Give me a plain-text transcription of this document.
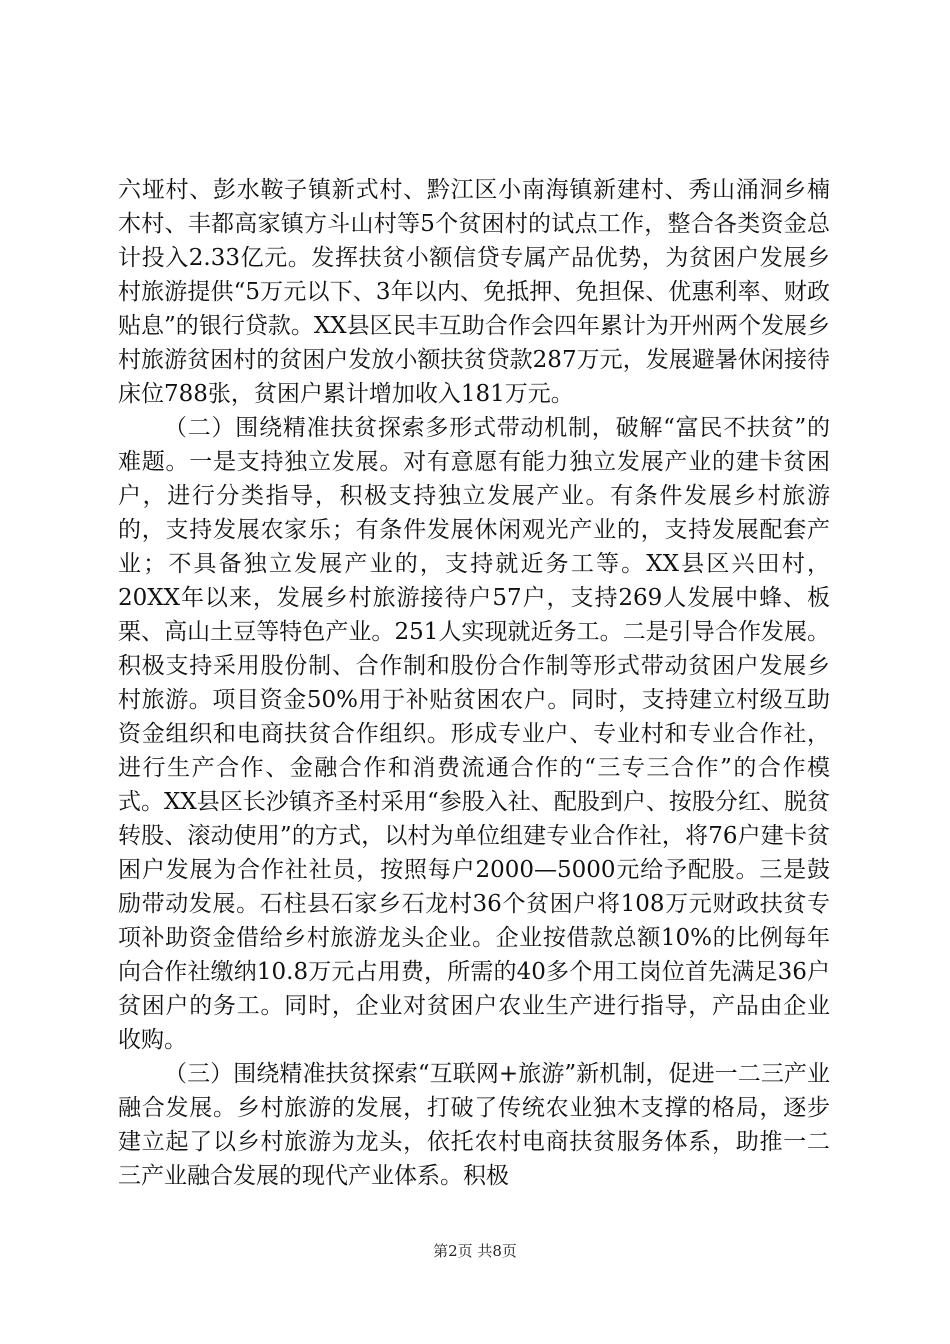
六垭村、彭水鞍子镇新式村、黔江区小南海镇新建村、秀山涌洞乡楠木村、丰都高家镇方斗山村等5个贫困村的试点工作，整合各类资金总计投入2.33亿元。发挥扶贫小额信贷专属产品优势，为贫困户发展乡村旅游提供“5万元以下、3年以内、免抵押、免担保、优惠利率、财政贴息”的银行贷款。XX县区民丰互助合作会四年累计为开州两个发展乡村旅游贫困村的贫困户发放小额扶贫贷款287万元，发展避暑休闲接待床位788张，贫困户累计增加收入181万元。

（二）围绕精准扶贫探索多形式带动机制，破解“富民不扶贫”的难题。一是支持独立发展。对有意愿有能力独立发展产业的建卡贫困户，进行分类指导，积极支持独立发展产业。有条件发展乡村旅游的，支持发展农家乐；有条件发展休闲观光产业的，支持发展配套产业；不具备独立发展产业的，支持就近务工等。XX县区兴田村，20XX年以来，发展乡村旅游接待户57户，支持269人发展中蜂、板栗、高山土豆等特色产业。251人实现就近务工。二是引导合作发展。积极支持采用股份制、合作制和股份合作制等形式带动贫困户发展乡村旅游。项目资金50%用于补贴贫困农户。同时，支持建立村级互助资金组织和电商扶贫合作组织。形成专业户、专业村和专业合作社，进行生产合作、金融合作和消费流通合作的“三专三合作”的合作模式。XX县区长沙镇齐圣村采用“参股入社、配股到户、按股分红、脱贫转股、滚动使用”的方式，以村为单位组建专业合作社，将76户建卡贫困户发展为合作社社员，按照每户2000—5000元给予配股。三是鼓励带动发展。石柱县石家乡石龙村36个贫困户将108万元财政扶贫专项补助资金借给乡村旅游龙头企业。企业按借款总额10%的比例每年向合作社缴纳10.8万元占用费，所需的40多个用工岗位首先满足36户贫困户的务工。同时，企业对贫困户农业生产进行指导，产品由企业收购。

（三）围绕精准扶贫探索“互联网+旅游”新机制，促进一二三产业融合发展。乡村旅游的发展，打破了传统农业独木支撑的格局，逐步建立起了以乡村旅游为龙头，依托农村电商扶贫服务体系，助推一二三产业融合发展的现代产业体系。积极

第2页 共8页
